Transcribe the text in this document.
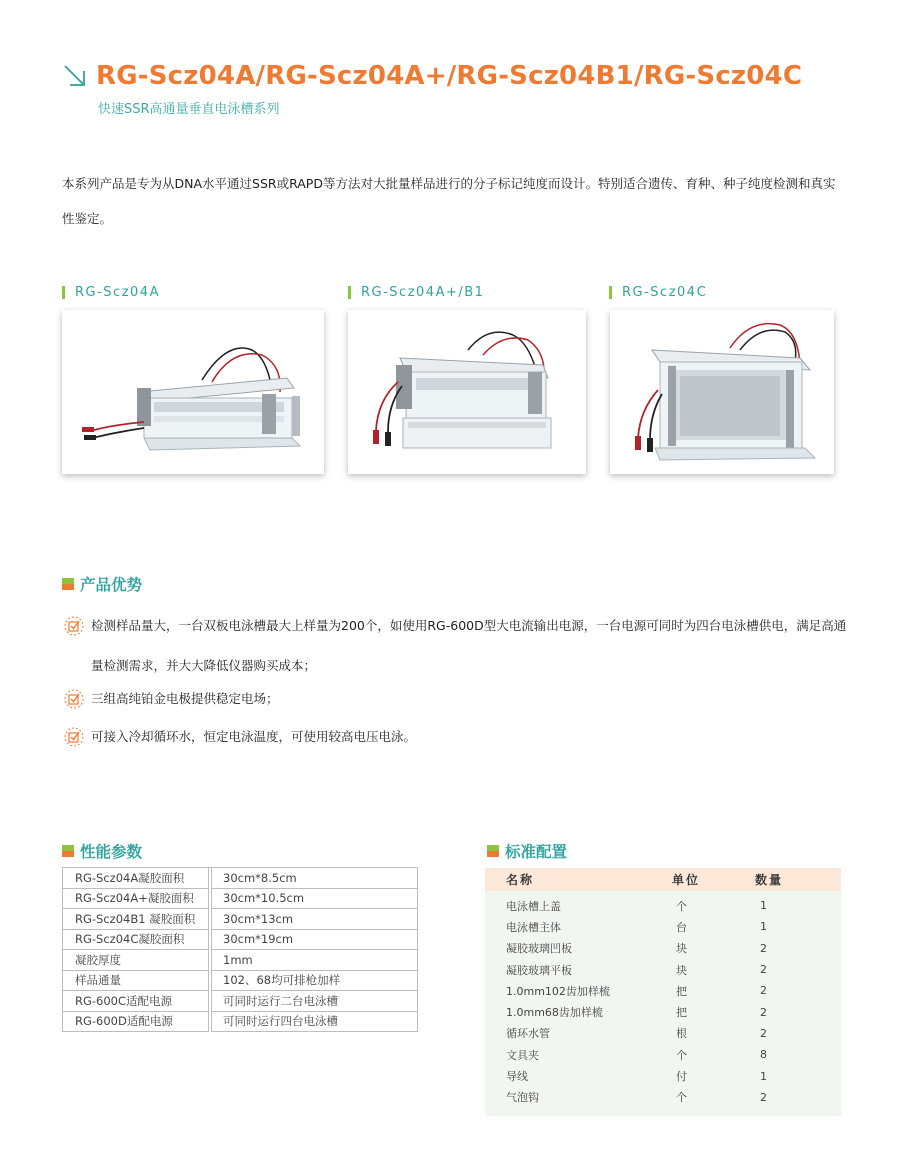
RG-Scz04A/RG-Scz04A+/RG-Scz04B1/RG-Scz04C
快速SSR高通量垂直电泳槽系列
本系列产品是专为从DNA水平通过SSR或RAPD等方法对大批量样品进行的分子标记纯度而设计。特别适合遗传、育种、种子纯度检测和真实性鉴定。
RG-Scz04A	RG-Scz04A+/B1	RG-Scz04C
产品优势
检测样品量大，一台双板电泳槽最大上样量为200个，如使用RG-600D型大电流输出电源，一台电源可同时为四台电泳槽供电，满足高通量检测需求，并大大降低仪器购买成本；
三组高纯铂金电极提供稳定电场；
可接入冷却循环水，恒定电泳温度，可使用较高电压电泳。
性能参数
RG-Scz04A凝胶面积		30cm*8.5cm
RG-Scz04A+凝胶面积		30cm*10.5cm
RG-Scz04B1 凝胶面积		30cm*13cm
RG-Scz04C凝胶面积		30cm*19cm
凝胶厚度		1mm
样品通量		102、68均可排枪加样
RG-600C适配电源		可同时运行二台电泳槽
RG-600D适配电源		可同时运行四台电泳槽
标准配置
名称	单位	数量
电泳槽上盖	个	1
电泳槽主体	台	1
凝胶玻璃凹板	块	2
凝胶玻璃平板	块	2
1.0mm102齿加样梳	把	2
1.0mm68齿加样梳	把	2
循环水管	根	2
文具夹	个	8
导线	付	1
气泡钩	个	2
